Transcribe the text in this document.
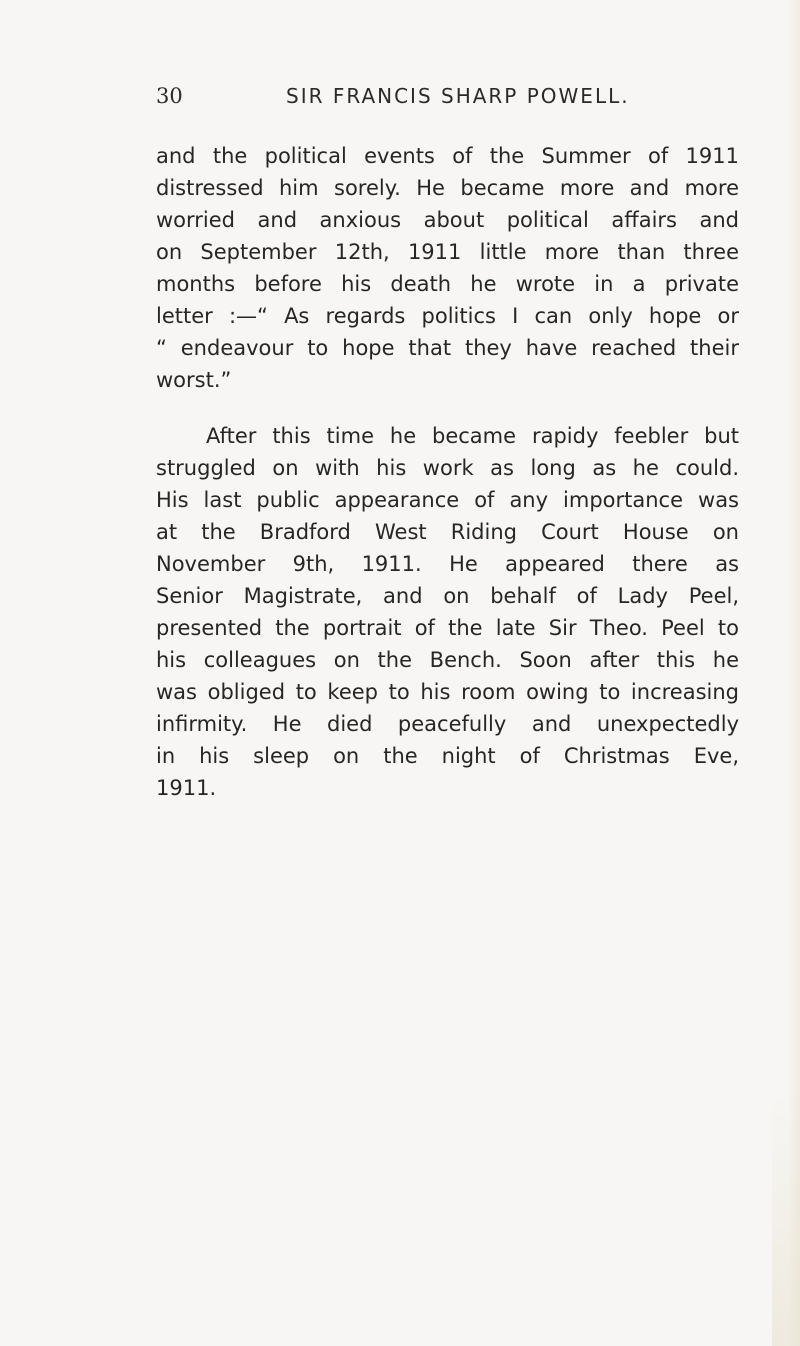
30	SIR FRANCIS SHARP POWELL.
and the political events of the Summer of 1911
distressed him sorely. He became more and more
worried and anxious about political affairs and
on September 12th, 1911 little more than three
months before his death he wrote in a private
letter :—“ As regards politics I can only hope or
“ endeavour to hope that they have reached their
worst.”
After this time he became rapidy feebler but
struggled on with his work as long as he could.
His last public appearance of any importance was
at the Bradford West Riding Court House on
November 9th, 1911. He appeared there as
Senior Magistrate, and on behalf of Lady Peel,
presented the portrait of the late Sir Theo. Peel to
his colleagues on the Bench. Soon after this he
was obliged to keep to his room owing to increasing
infirmity. He died peacefully and unexpectedly
in his sleep on the night of Christmas Eve,
1911.
